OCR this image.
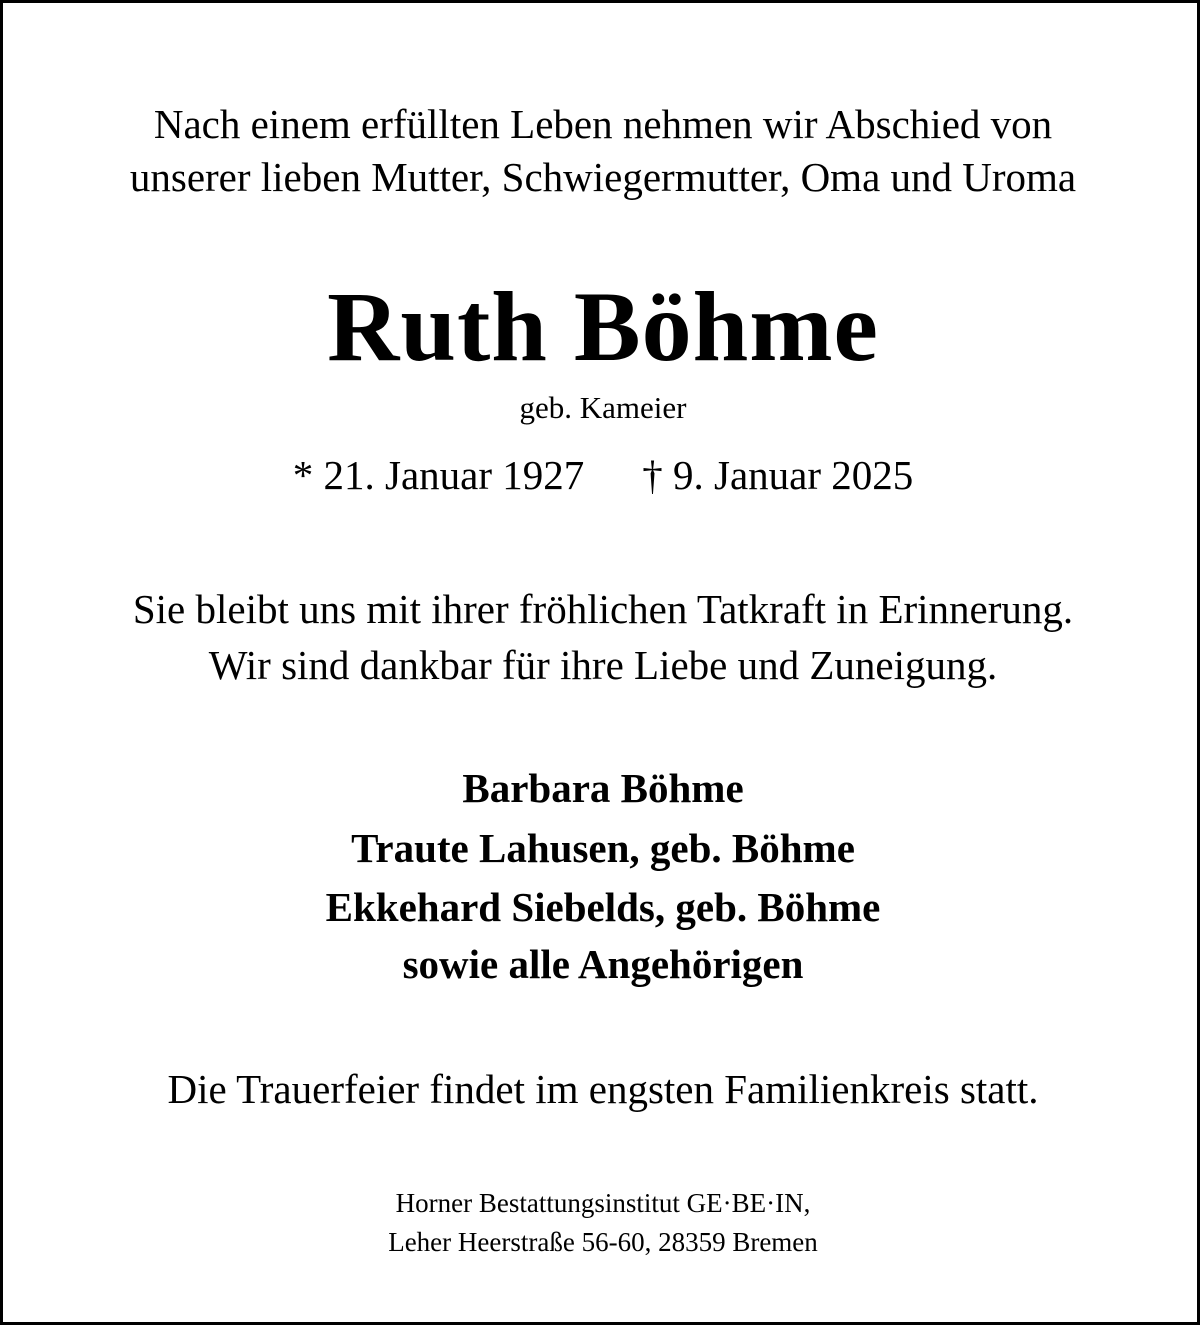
Nach einem erfüllten Leben nehmen wir Abschied von
unserer lieben Mutter, Schwiegermutter, Oma und Uroma
Ruth Böhme
geb. Kameier
* 21. Januar 1927 † 9. Januar 2025
Sie bleibt uns mit ihrer fröhlichen Tatkraft in Erinnerung.
Wir sind dankbar für ihre Liebe und Zuneigung.
Barbara Böhme
Traute Lahusen, geb. Böhme
Ekkehard Siebelds, geb. Böhme
sowie alle Angehörigen
Die Trauerfeier findet im engsten Familienkreis statt.
Horner Bestattungsinstitut GE·BE·IN,
Leher Heerstraße 56-60, 28359 Bremen
